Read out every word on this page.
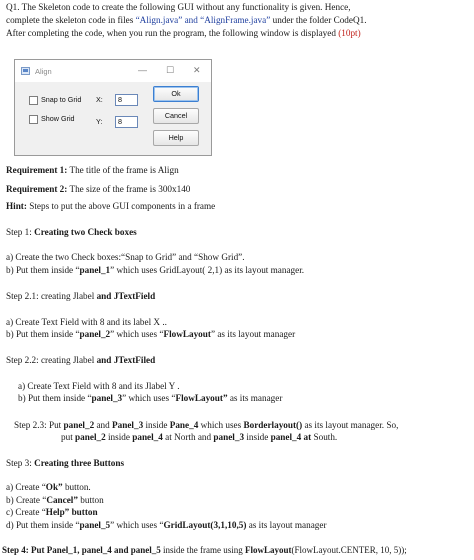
Q1. The Skeleton code to create the following GUI without any functionality is given. Hence,
complete the skeleton code in files “Align.java” and “AlignFrame.java” under the folder CodeQ1.
After completing the code, when you run the program, the following window is displayed (10pt)
Align	— ☐ ✕
Snap to Grid
Show Grid
X:	8
Y:	8
Ok
Cancel
Help
Requirement 1: The title of the frame is Align
Requirement 2: The size of the frame is 300x140
Hint: Steps to put the above GUI components in a frame
Step 1: Creating two Check boxes
a) Create the two Check boxes:“Snap to Grid” and “Show Grid”.
b) Put them inside “panel_1” which uses GridLayout( 2,1) as its layout manager.
Step 2.1: creating Jlabel and JTextField
a) Create Text Field with 8 and its label X ..
b) Put them inside “panel_2” which uses “FlowLayout” as its layout manager
Step 2.2: creating Jlabel and JTextFiled
a) Create Text Field with 8 and its Jlabel Y .
b) Put them inside “panel_3” which uses “FlowLayout” as its manager
Step 2.3: Put panel_2 and Panel_3 inside Pane_4 which uses Borderlayout() as its layout manager. So,
put panel_2 inside panel_4 at North and panel_3 inside panel_4 at South.
Step 3: Creating three Buttons
a) Create “Ok” button.
b) Create “Cancel” button
c) Create “Help” button
d) Put them inside “panel_5” which uses “GridLayout(3,1,10,5) as its layout manager
Step 4: Put Panel_1, panel_4 and panel_5 inside the frame using FlowLayout(FlowLayout.CENTER, 10, 5));
